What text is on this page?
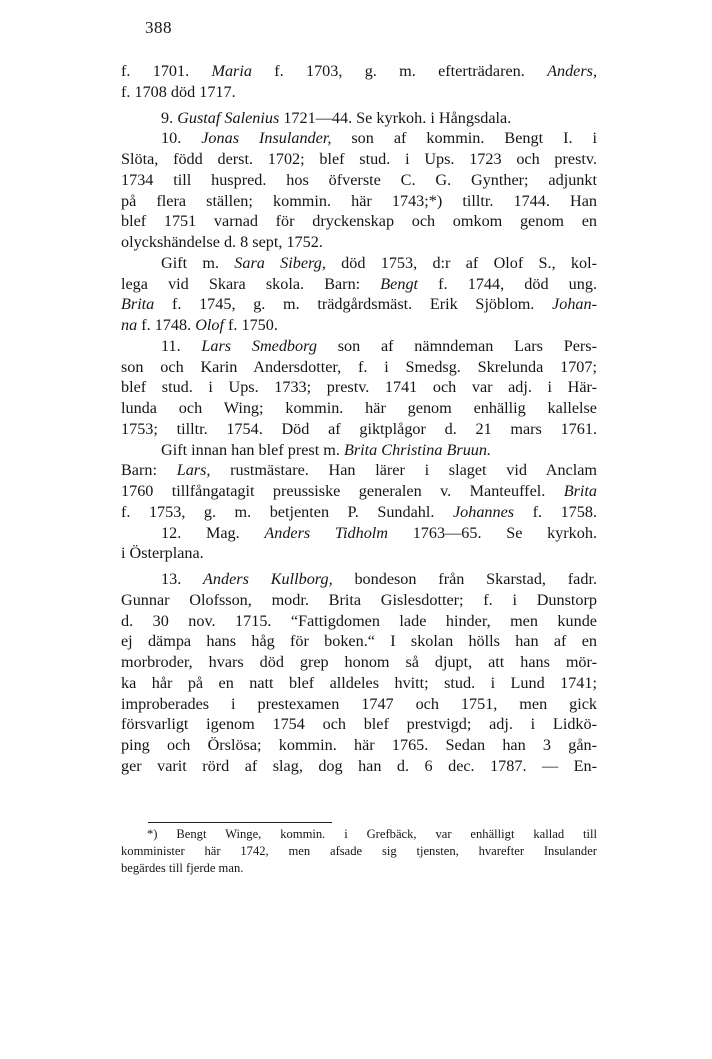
388
f. 1701. Maria f. 1703, g. m. efterträdaren. Anders,
f. 1708 död 1717.
9. Gustaf Salenius 1721—44. Se kyrkoh. i Hångsdala.
10. Jonas Insulander, son af kommin. Bengt I. i
Slöta, född derst. 1702; blef stud. i Ups. 1723 och prestv.
1734 till huspred. hos öfverste C. G. Gynther; adjunkt
på flera ställen; kommin. här 1743;*) tilltr. 1744. Han
blef 1751 varnad för dryckenskap och omkom genom en
olyckshändelse d. 8 sept, 1752.
Gift m. Sara Siberg, död 1753, d:r af Olof S., kol-
lega vid Skara skola. Barn: Bengt f. 1744, död ung.
Brita f. 1745, g. m. trädgårdsmäst. Erik Sjöblom. Johan-
na f. 1748. Olof f. 1750.
11. Lars Smedborg son af nämndeman Lars Pers-
son och Karin Andersdotter, f. i Smedsg. Skrelunda 1707;
blef stud. i Ups. 1733; prestv. 1741 och var adj. i Här-
lunda och Wing; kommin. här genom enhällig kallelse
1753; tilltr. 1754. Död af giktplågor d. 21 mars 1761.
Gift innan han blef prest m. Brita Christina Bruun.
Barn: Lars, rustmästare. Han lärer i slaget vid Anclam
1760 tillfångatagit preussiske generalen v. Manteuffel. Brita
f. 1753, g. m. betjenten P. Sundahl. Johannes f. 1758.
12. Mag. Anders Tidholm 1763—65. Se kyrkoh.
i Österplana.
13. Anders Kullborg, bondeson från Skarstad, fadr.
Gunnar Olofsson, modr. Brita Gislesdotter; f. i Dunstorp
d. 30 nov. 1715. “Fattigdomen lade hinder, men kunde
ej dämpa hans håg för boken.“ I skolan hölls han af en
morbroder, hvars död grep honom så djupt, att hans mör-
ka hår på en natt blef alldeles hvitt; stud. i Lund 1741;
improberades i prestexamen 1747 och 1751, men gick
försvarligt igenom 1754 och blef prestvigd; adj. i Lidkö-
ping och Örslösa; kommin. här 1765. Sedan han 3 gån-
ger varit rörd af slag, dog han d. 6 dec. 1787. — En-
*) Bengt Winge, kommin. i Grefbäck, var enhälligt kallad till
komminister här 1742, men afsade sig tjensten, hvarefter Insulander
begärdes till fjerde man.
